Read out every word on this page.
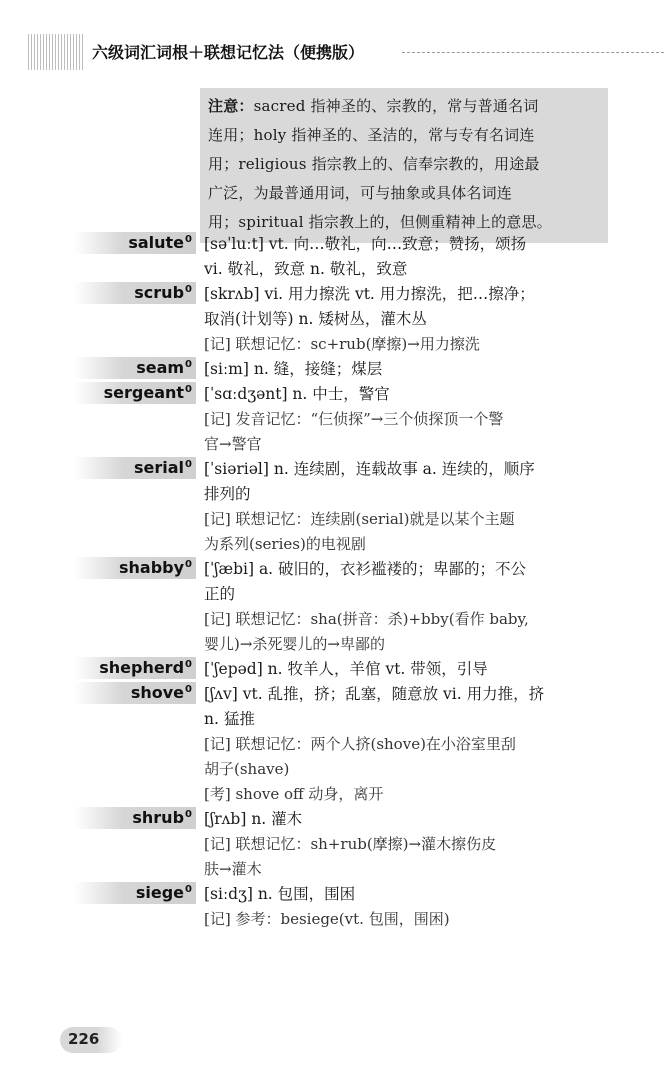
六级词汇词根＋联想记忆法（便携版）
注意：sacred 指神圣的、宗教的，常与普通名词
连用；holy 指神圣的、圣洁的，常与专有名词连
用；religious 指宗教上的、信奉宗教的，用途最
广泛，为最普通用词，可与抽象或具体名词连
用；spiritual 指宗教上的，但侧重精神上的意思。
salute$^0$ [səˈluːt] vt. 向…敬礼，向…致意；赞扬，颂扬
vi. 敬礼，致意 n. 敬礼，致意
scrub$^0$ [skrʌb] vi. 用力擦洗 vt. 用力擦洗，把…擦净；
取消(计划等) n. 矮树丛，灌木丛
[记] 联想记忆：sc+rub(摩擦)→用力擦洗
seam$^0$ [siːm] n. 缝，接缝；煤层
sergeant$^0$ [ˈsɑːdʒənt] n. 中士，警官
[记] 发音记忆：“仨侦探”→三个侦探顶一个警
官→警官
serial$^0$ [ˈsiəriəl] n. 连续剧，连载故事 a. 连续的，顺序
排列的
[记] 联想记忆：连续剧(serial)就是以某个主题
为系列(series)的电视剧
shabby$^0$ [ˈʃæbi] a. 破旧的，衣衫褴褛的；卑鄙的；不公
正的
[记] 联想记忆：sha(拼音：杀)+bby(看作 baby,
婴儿)→杀死婴儿的→卑鄙的
shepherd$^0$ [ˈʃepəd] n. 牧羊人，羊倌 vt. 带领，引导
shove$^0$ [ʃʌv] vt. 乱推，挤；乱塞，随意放 vi. 用力推，挤
n. 猛推
[记] 联想记忆：两个人挤(shove)在小浴室里刮
胡子(shave)
[考] shove off 动身，离开
shrub$^0$ [ʃrʌb] n. 灌木
[记] 联想记忆：sh+rub(摩擦)→灌木擦伤皮
肤→灌木
siege$^0$ [siːdʒ] n. 包围，围困
[记] 参考：besiege(vt. 包围，围困)
226
